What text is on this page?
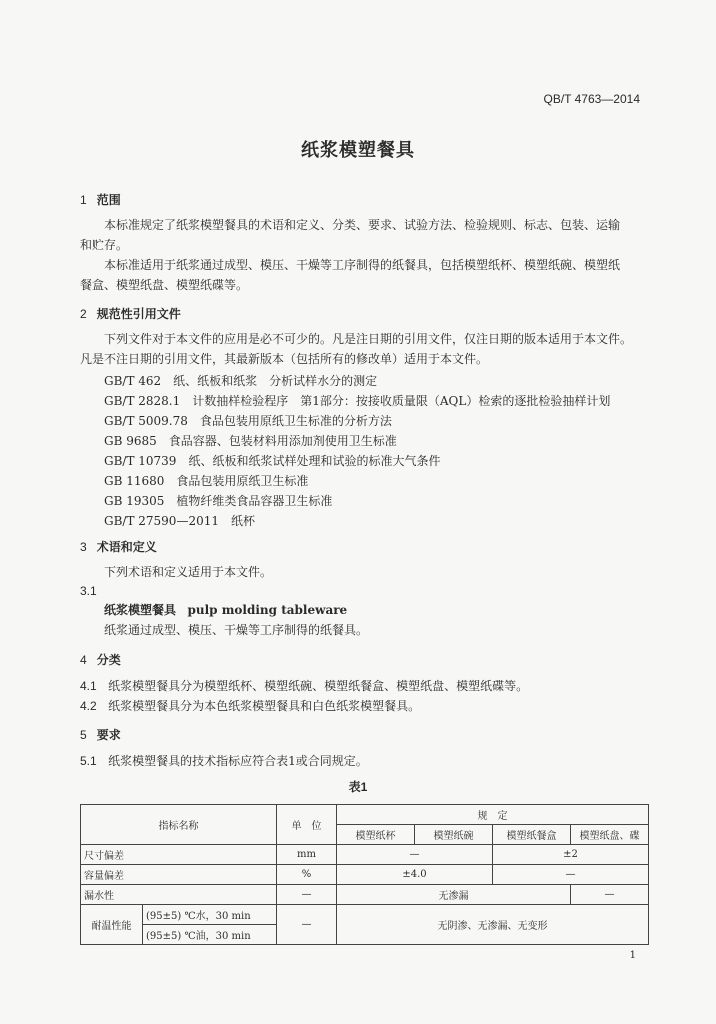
QB/T 4763—2014
纸浆模塑餐具
1 范围
本标准规定了纸浆模塑餐具的术语和定义、分类、要求、试验方法、检验规则、标志、包装、运输
和贮存。
本标准适用于纸浆通过成型、模压、干燥等工序制得的纸餐具，包括模塑纸杯、模塑纸碗、模塑纸
餐盒、模塑纸盘、模塑纸碟等。
2 规范性引用文件
下列文件对于本文件的应用是必不可少的。凡是注日期的引用文件，仅注日期的版本适用于本文件。
凡是不注日期的引用文件，其最新版本（包括所有的修改单）适用于本文件。
GB/T 462　纸、纸板和纸浆　分析试样水分的测定
GB/T 2828.1　计数抽样检验程序　第1部分：按接收质量限（AQL）检索的逐批检验抽样计划
GB/T 5009.78　食品包装用原纸卫生标准的分析方法
GB 9685　食品容器、包装材料用添加剂使用卫生标准
GB/T 10739　纸、纸板和纸浆试样处理和试验的标准大气条件
GB 11680　食品包装用原纸卫生标准
GB 19305　植物纤维类食品容器卫生标准
GB/T 27590—2011　纸杯
3 术语和定义
下列术语和定义适用于本文件。
3.1
纸浆模塑餐具 pulp molding tableware
纸浆通过成型、模压、干燥等工序制得的纸餐具。
4 分类
4.1 纸浆模塑餐具分为模塑纸杯、模塑纸碗、模塑纸餐盒、模塑纸盘、模塑纸碟等。
4.2 纸浆模塑餐具分为本色纸浆模塑餐具和白色纸浆模塑餐具。
5 要求
5.1 纸浆模塑餐具的技术指标应符合表1或合同规定。
表1
指标名称		单　位	规　定			
			模塑纸杯	模塑纸碗	模塑纸餐盒	模塑纸盘、碟
尺寸偏差		mm	—		±2	
容量偏差		%	±4.0		—	
漏水性		—	无渗漏			—
耐温性能	(95±5) ℃水，30 min	—	无阴渗、无渗漏、无变形			
	(95±5) ℃油，30 min					
1
